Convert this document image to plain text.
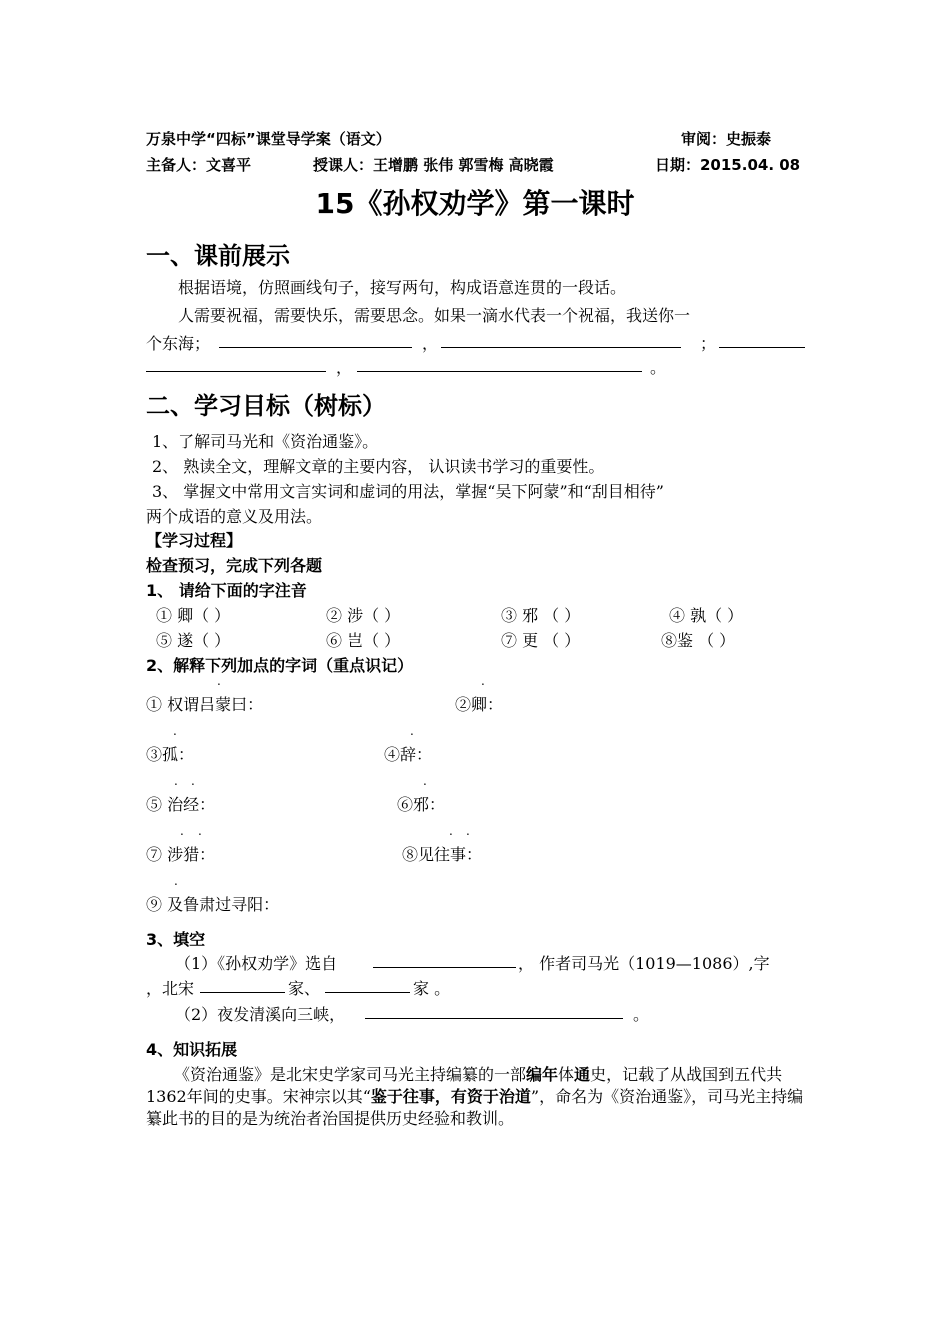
万泉中学“四标”课堂导学案（语文）	审阅：史振泰
主备人：文喜平	授课人：王增鹏 张伟 郭雪梅 高晓霞	日期：2015.04. 08
15《孙权劝学》第一课时
一、课前展示
根据语境，仿照画线句子，接写两句，构成语意连贯的一段话。
人需要祝福，需要快乐，需要思念。如果一滴水代表一个祝福，我送你一
个东海；	，	；
，	。
二、学习目标（树标）
1、了解司马光和《资治通鉴》。
2、 熟读全文，理解文章的主要内容， 认识读书学习的重要性。
3、 掌握文中常用文言实词和虚词的用法，掌握“吴下阿蒙”和“刮目相待”
两个成语的意义及用法。
【学习过程】
检查预习，完成下列各题
1、 请给下面的字注音
① 卿（ ）	② 涉（ ）	③ 邪 （ ）	④ 孰（ ）
⑤ 遂（ ）	⑥ 岂（ ）	⑦ 更 （ ）	⑧鉴 （ ）
2、解释下列加点的字词（重点识记）
.
① 权谓吕蒙曰：
.
②卿：
.
③孤：
.
④辞：
. .
⑤ 治经：
.
⑥邪：
. .
⑦ 涉猎：
. .
⑧见往事：
.
⑨ 及鲁肃过寻阳：
3、填空
（1）《孙权劝学》选自	， 作者司马光（1019—1086）,字
，北宋	家、	家 。
（2）夜发清溪向三峡，	。
4、知识拓展
《资治通鉴》是北宋史学家司马光主持编纂的一部编年体通史，记载了从战国到五代共1362年间的史事。宋神宗以其“鉴于往事，有资于治道”，命名为《资治通鉴》，司马光主持编纂此书的目的是为统治者治国提供历史经验和教训。
